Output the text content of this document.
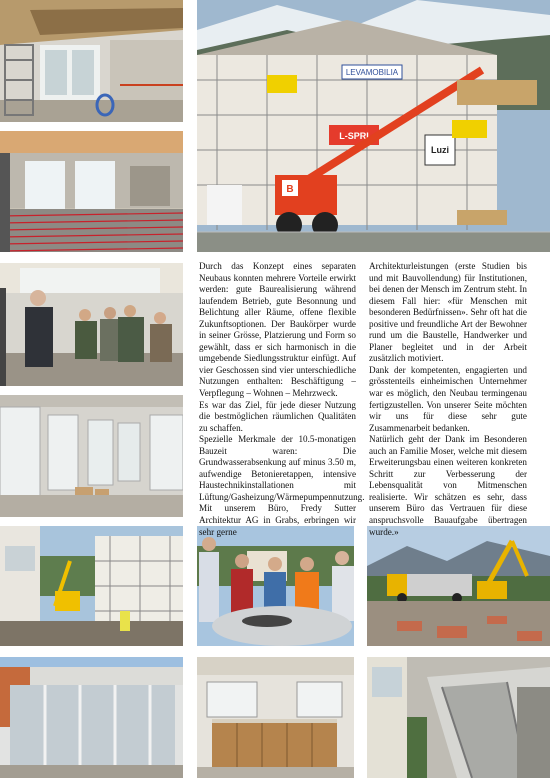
LEVAMOBILIA
L-SPRI
Luzi
B

Durch das Konzept eines separaten Neubaus konnten mehrere Vorteile erwirkt werden: gute Baurealisierung während laufendem Betrieb, gute Besonnung und Belichtung aller Räume, offene flexible Zukunftsoptionen. Der Baukörper wurde in seiner Grösse, Platzierung und Form so gewählt, dass er sich harmonisch in die umgebende Siedlungsstruktur einfügt. Auf vier Geschossen sind vier unterschiedliche Nutzungen enthalten: Beschäftigung – Verpflegung – Wohnen – Mehrzweck.

Es war das Ziel, für jede dieser Nutzung die bestmöglichen räumlichen Qualitäten zu schaffen.

Spezielle Merkmale der 10.5-monatigen Bauzeit waren: Die Grundwasserabsenkung auf minus 3.50 m, aufwendige Betonieretappen, intensive Haustechnikinstallationen mit Lüftung/Gasheizung/Wärmepumpennutzung.

Mit unserem Büro, Fredy Sutter Architektur AG in Grabs, erbringen wir sehr gerne

Architekturleistungen (erste Studien bis und mit Bauvollendung) für Institutionen, bei denen der Mensch im Zentrum steht. In diesem Fall hier: «für Menschen mit besonderen Bedürfnissen». Sehr oft hat die positive und freundliche Art der Bewohner rund um die Baustelle, Handwerker und Planer begleitet und in der Arbeit zusätzlich motiviert.

Dank der kompetenten, engagierten und grösstenteils einheimischen Unternehmer war es möglich, den Neubau termingenau fertigzustellen. Von unserer Seite möchten wir uns für diese sehr gute Zusammenarbeit bedanken.

Natürlich geht der Dank im Besonderen auch an Familie Moser, welche mit diesem Erweiterungsbau einen weiteren konkreten Schritt zur Verbesserung der Lebensqualität von Mitmenschen realisierte. Wir schätzen es sehr, dass unserem Büro das Vertrauen für diese anspruchsvolle Bauaufgabe übertragen wurde.»
